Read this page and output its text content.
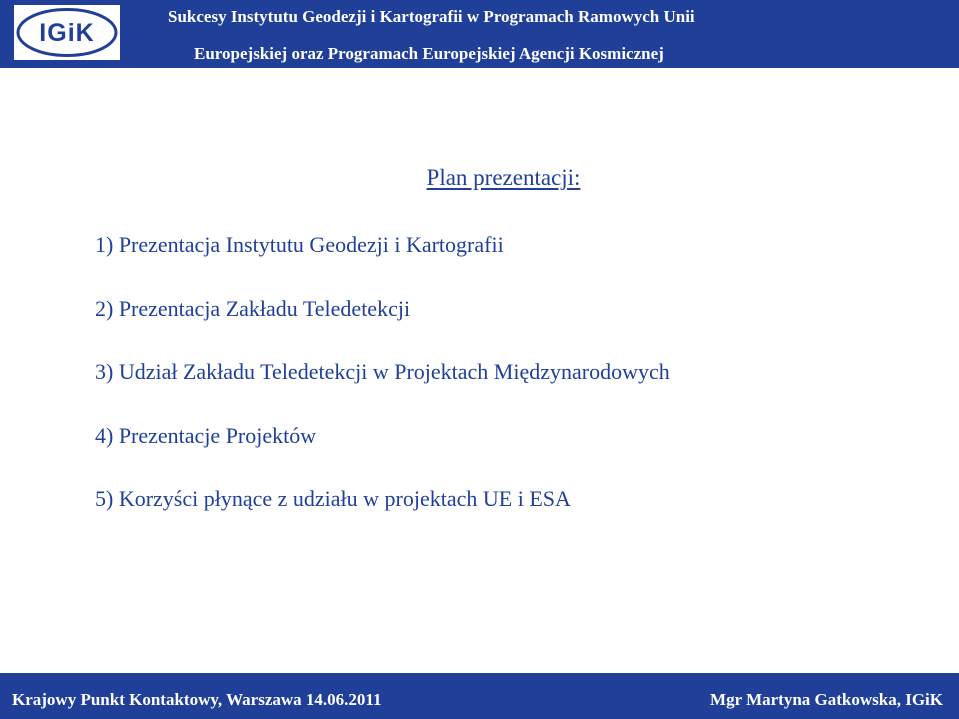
IGiK
Sukcesy Instytutu Geodezji i Kartografii w Programach Ramowych Unii
Europejskiej oraz Programach Europejskiej Agencji Kosmicznej
Plan prezentacji:
1) Prezentacja Instytutu Geodezji i Kartografii
2) Prezentacja Zakładu Teledetekcji
3) Udział Zakładu Teledetekcji w Projektach Międzynarodowych
4) Prezentacje Projektów
5) Korzyści płynące z udziału w projektach UE i ESA
Krajowy Punkt Kontaktowy, Warszawa 14.06.2011	Mgr Martyna Gatkowska, IGiK
